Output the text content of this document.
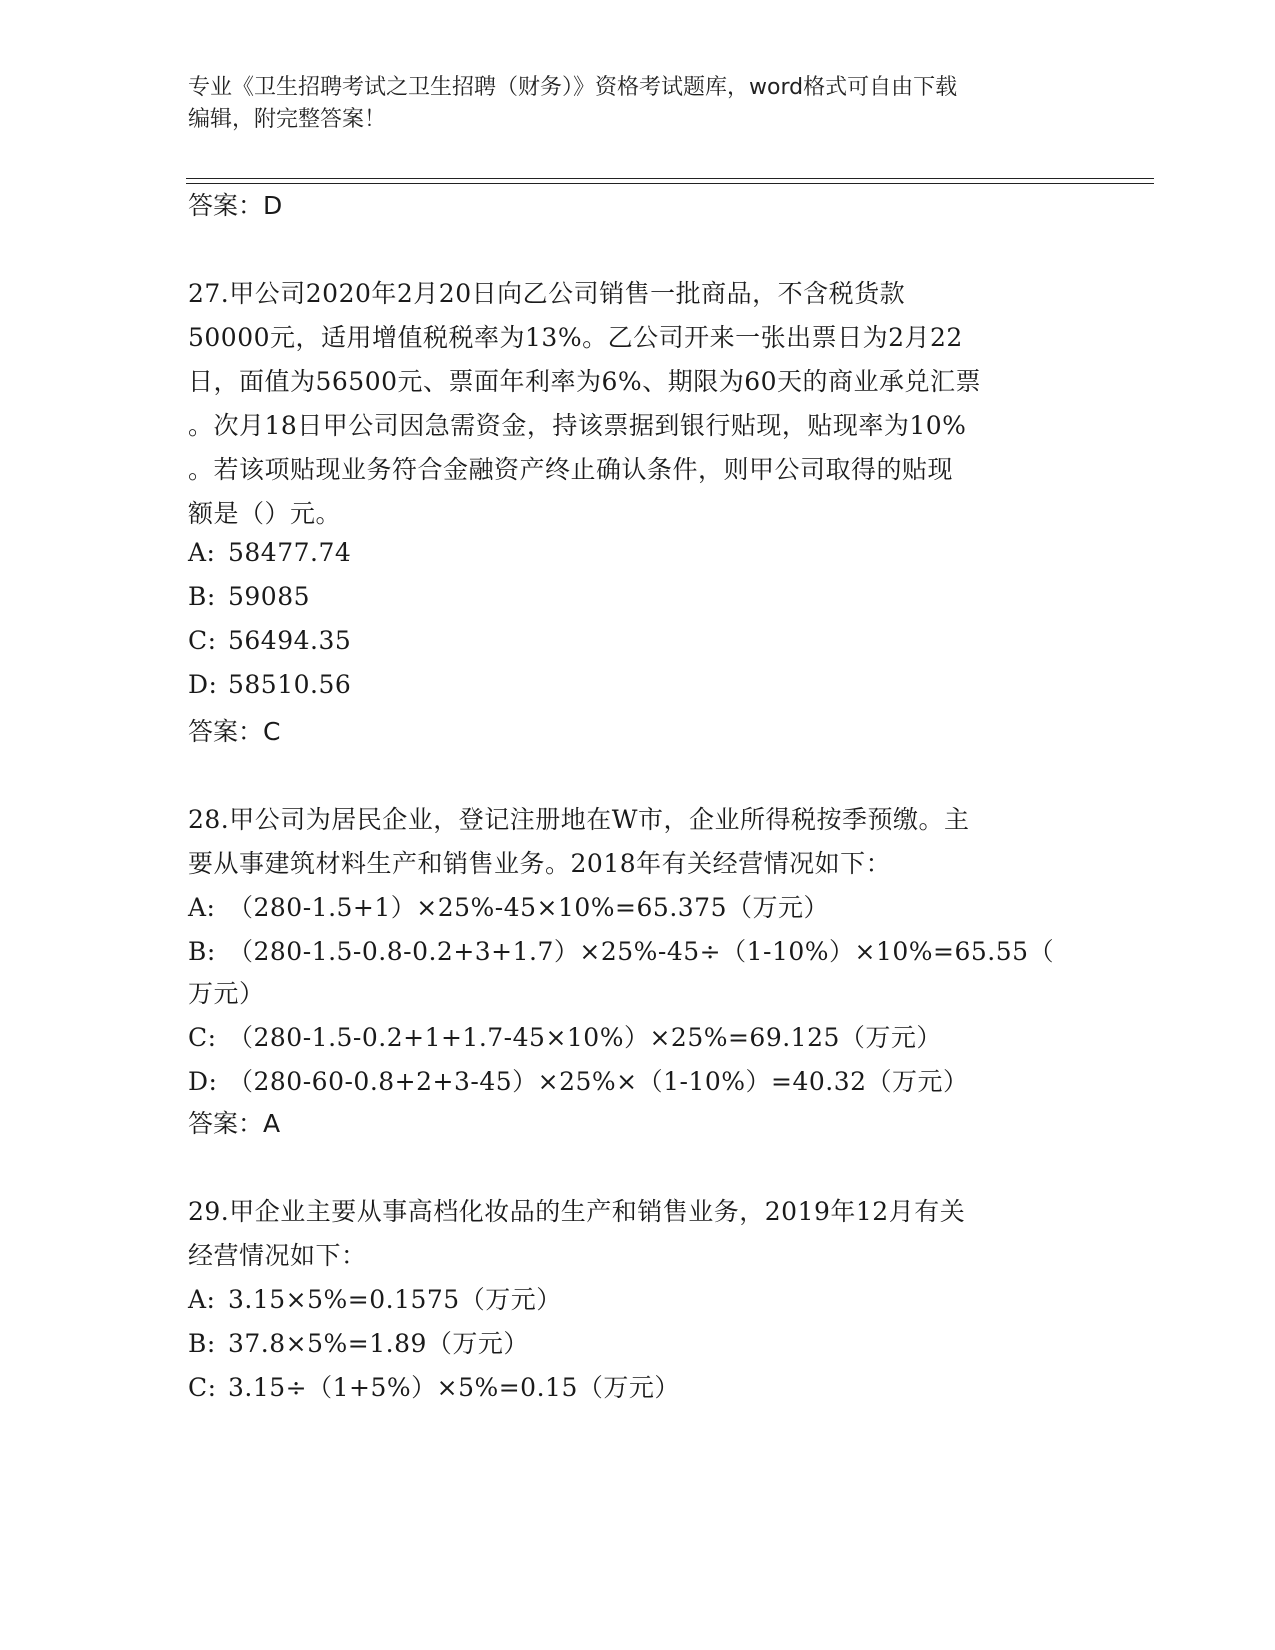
专业《卫生招聘考试之卫生招聘（财务）》资格考试题库，word格式可自由下载
编辑，附完整答案！
答案：D
27.甲公司2020年2月20日向乙公司销售一批商品，不含税货款
50000元，适用增值税税率为13%。乙公司开来一张出票日为2月22
日，面值为56500元、票面年利率为6%、期限为60天的商业承兑汇票
。次月18日甲公司因急需资金，持该票据到银行贴现，贴现率为10%
。若该项贴现业务符合金融资产终止确认条件，则甲公司取得的贴现
额是（）元。
A: 58477.74
B: 59085
C: 56494.35
D: 58510.56
答案：C
28.甲公司为居民企业，登记注册地在W市，企业所得税按季预缴。主
要从事建筑材料生产和销售业务。2018年有关经营情况如下：
A: （280-1.5+1）×25%-45×10%=65.375（万元）
B: （280-1.5-0.8-0.2+3+1.7）×25%-45÷（1-10%）×10%=65.55（
万元）
C: （280-1.5-0.2+1+1.7-45×10%）×25%=69.125（万元）
D: （280-60-0.8+2+3-45）×25%×（1-10%）=40.32（万元）
答案：A
29.甲企业主要从事高档化妆品的生产和销售业务，2019年12月有关
经营情况如下：
A: 3.15×5%=0.1575（万元）
B: 37.8×5%=1.89（万元）
C: 3.15÷（1+5%）×5%=0.15（万元）
